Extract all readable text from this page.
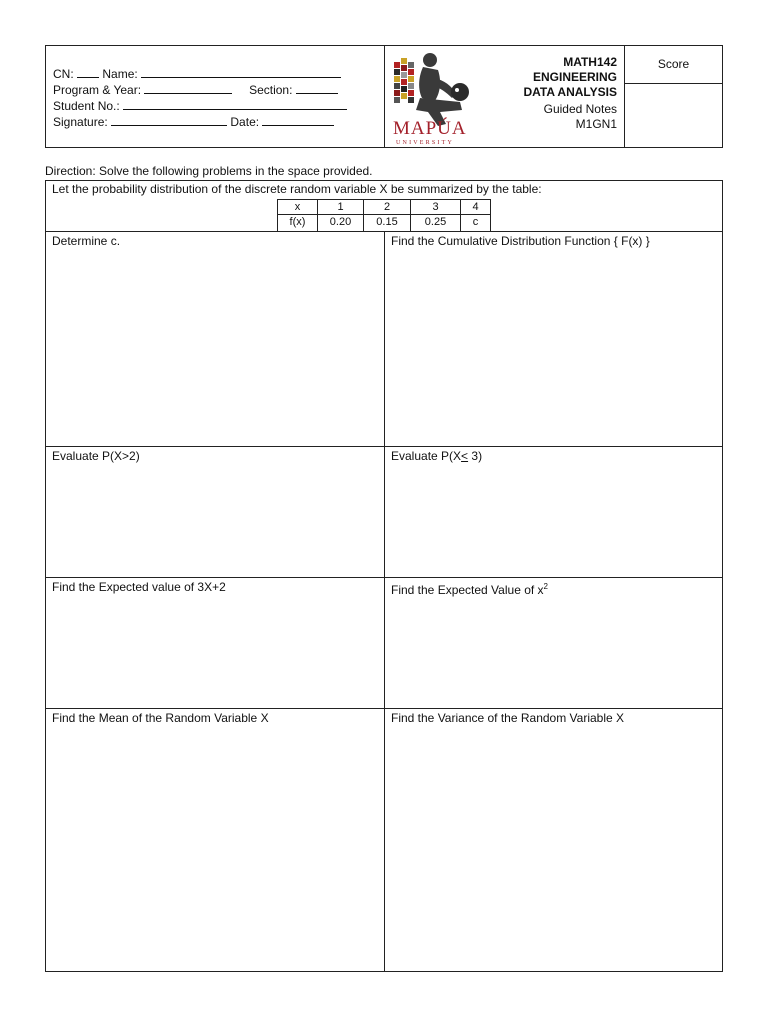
CN: Name:
Program & Year:	Section:
Student No.:
Signature:	Date:	MAPÚA
UNIVERSITY
MATH142
ENGINEERING
DATA ANALYSIS
Guided Notes
M1GN1
Score
Direction: Solve the following problems in the space provided.
Let the probability distribution of the discrete random variable X be summarized by the table:
x	1	2	3	4
f(x)	0.20	0.15	0.25	c
Determine c.	Find the Cumulative Distribution Function { F(x) }
Evaluate P(X>2)	Evaluate P(X< 3)
Find the Expected value of 3X+2	Find the Expected Value of $x^2$
Find the Mean of the Random Variable X	Find the Variance of the Random Variable X
